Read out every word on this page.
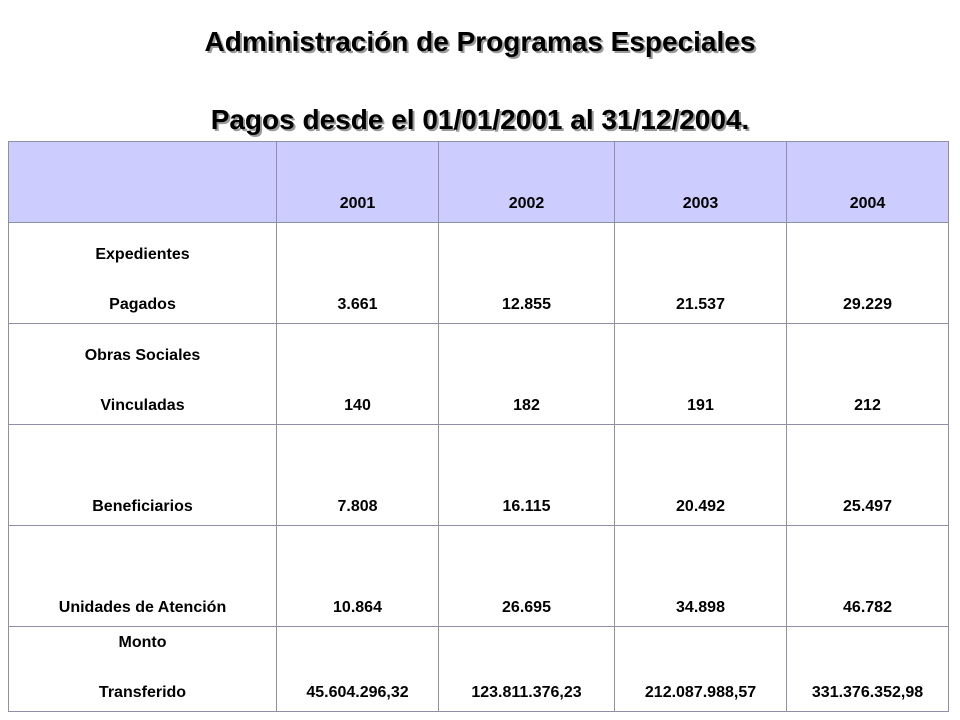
Administración de Programas Especiales
Pagos desde el 01/01/2001 al 31/12/2004.

	2001	2002	2003	2004

Expedientes
Pagados	3.661	12.855	21.537	29.229

Obras Sociales
Vinculadas	140	182	191	212

Beneficiarios	7.808	16.115	20.492	25.497

Unidades de Atención	10.864	26.695	34.898	46.782

Monto
Transferido	45.604.296,32	123.811.376,23	212.087.988,57	331.376.352,98
